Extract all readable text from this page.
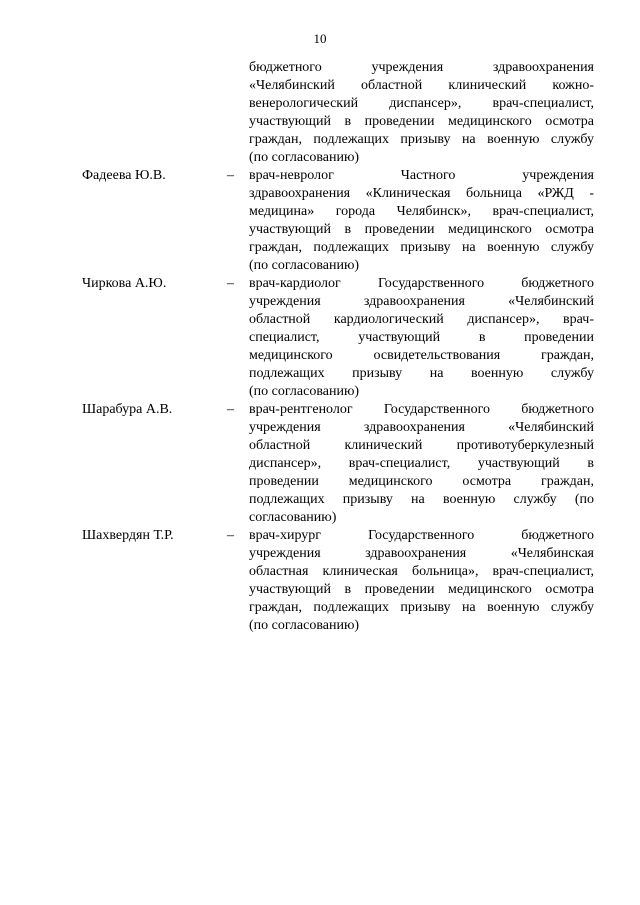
10
бюджетного учреждения здравоохранения
«Челябинский областной клинический кожно-
венерологический диспансер», врач-специалист,
участвующий в проведении медицинского осмотра
граждан, подлежащих призыву на военную службу
(по согласованию)
Фадеева Ю.В.	– врач-невролог Частного учреждения
здравоохранения «Клиническая больница «РЖД -
медицина» города Челябинск», врач-специалист,
участвующий в проведении медицинского осмотра
граждан, подлежащих призыву на военную службу
(по согласованию)
Чиркова А.Ю.	– врач-кардиолог Государственного бюджетного
учреждения здравоохранения «Челябинский
областной кардиологический диспансер», врач-
специалист, участвующий в проведении
медицинского освидетельствования граждан,
подлежащих призыву на военную службу
(по согласованию)
Шарабура А.В.	– врач-рентгенолог Государственного бюджетного
учреждения здравоохранения «Челябинский
областной клинический противотуберкулезный
диспансер», врач-специалист, участвующий в
проведении медицинского осмотра граждан,
подлежащих призыву на военную службу (по
согласованию)
Шахвердян Т.Р.	– врач-хирург Государственного бюджетного
учреждения здравоохранения «Челябинская
областная клиническая больница», врач-специалист,
участвующий в проведении медицинского осмотра
граждан, подлежащих призыву на военную службу
(по согласованию)
